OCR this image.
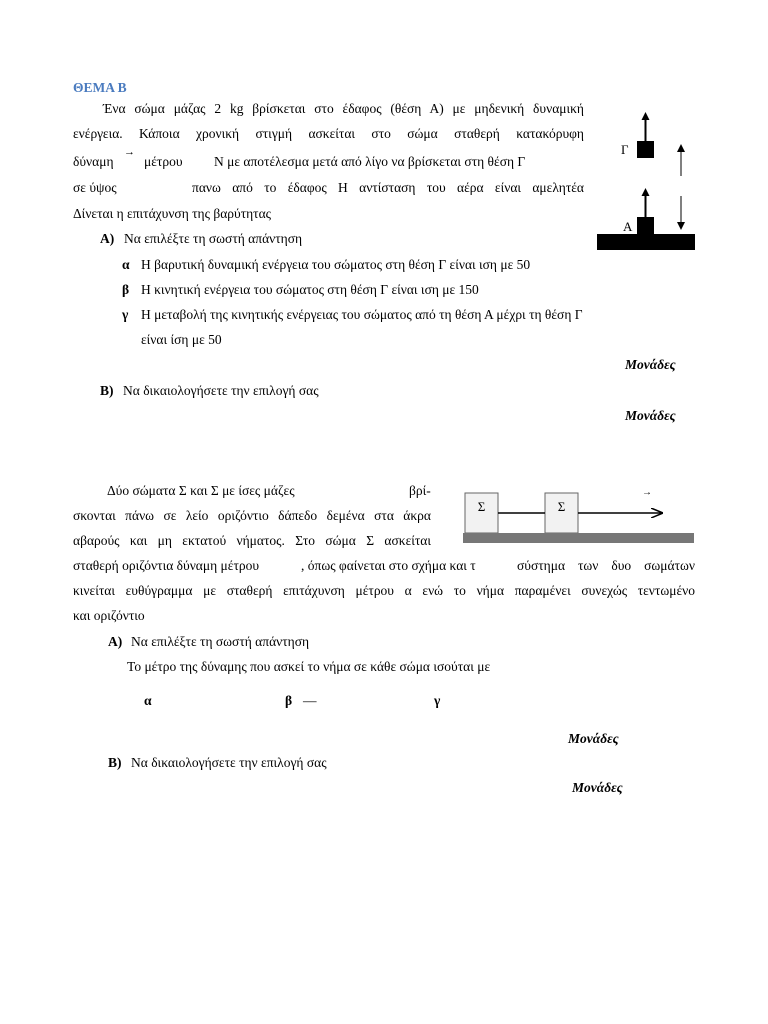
ΘΕΜΑ Β
Ένα σώμα μάζας 2 kg βρίσκεται στο έδαφος (θέση Α) με μηδενική δυναμική
ενέργεια. Κάποια χρονική στιγμή ασκείται στο σώμα σταθερή κατακόρυφη
δύναμη
→
μέτρου Ν με αποτέλεσμα μετά από λίγο να βρίσκεται στη θέση Γ
σε ύψος	πανω από το έδαφος Η αντίσταση του αέρα είναι αμελητέα
Δίνεται η επιτάχυνση της βαρύτητας
Α) Να επιλέξτε τη σωστή απάντηση
α Η βαρυτική δυναμική ενέργεια του σώματος στη θέση Γ είναι ιση με 50
β Η κινητική ενέργεια του σώματος στη θέση Γ είναι ιση με 150
γ Η μεταβολή της κινητικής ενέργειας του σώματος από τη θέση Α μέχρι τη θέση Γ
είναι ίση με 50
Μονάδες
Β) Να δικαιολογήσετε την επιλογή σας
Μονάδες
Γ
Α
Δύο σώματα Σ και Σ με ίσες μάζες	βρί-
σκονται πάνω σε λείο οριζόντιο δάπεδο δεμένα στα άκρα
αβαρούς και μη εκτατού νήματος. Στο σώμα Σ ασκείται
σταθερή οριζόντια δύναμη μέτρου	, όπως φαίνεται στο σχήμα και τ	σύστημα των δυο σωμάτων
κινείται ευθύγραμμα με σταθερή επιτάχυνση μέτρου α ενώ το νήμα παραμένει συνεχώς τεντωμένο
και οριζόντιο
Α) Να επιλέξτε τη σωστή απάντηση
Το μέτρο της δύναμης που ασκεί το νήμα σε κάθε σώμα ισούται με
α	β —	γ
Μονάδες
Β) Να δικαιολογήσετε την επιλογή σας
Μονάδες
Σ	Σ
→
